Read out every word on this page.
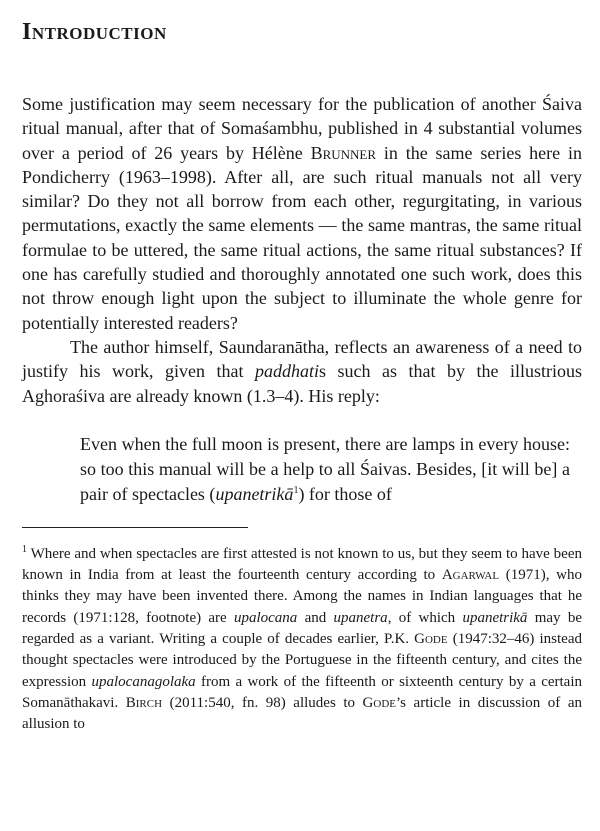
Introduction

Some justification may seem necessary for the publication of another Śaiva ritual manual, after that of Somaśambhu, published in 4 substantial volumes over a period of 26 years by Hélène Brunner in the same series here in Pondicherry (1963–1998). After all, are such ritual manuals not all very similar? Do they not all borrow from each other, regurgitating, in various permutations, exactly the same elements — the same mantras, the same ritual formulae to be uttered, the same ritual actions, the same ritual substances? If one has carefully studied and thoroughly annotated one such work, does this not throw enough light upon the subject to illuminate the whole genre for potentially interested readers?

The author himself, Saundaranātha, reflects an awareness of a need to justify his work, given that paddhatis such as that by the illustrious Aghoraśiva are already known (1.3–4). His reply:

Even when the full moon is present, there are lamps in every house: so too this manual will be a help to all Śaivas. Besides, [it will be] a pair of spectacles (upanetrikā$^1$) for those of

$^1$ Where and when spectacles are first attested is not known to us, but they seem to have been known in India from at least the fourteenth century according to Agarwal (1971), who thinks they may have been invented there. Among the names in Indian languages that he records (1971:128, footnote) are upalocana and upanetra, of which upanetrikā may be regarded as a variant. Writing a couple of decades earlier, P.K. Gode (1947:32–46) instead thought spectacles were introduced by the Portuguese in the fifteenth century, and cites the expression upalocanagolaka from a work of the fifteenth or sixteenth century by a certain Somanāthakavi. Birch (2011:540, fn. 98) alludes to Gode’s article in discussion of an allusion to
